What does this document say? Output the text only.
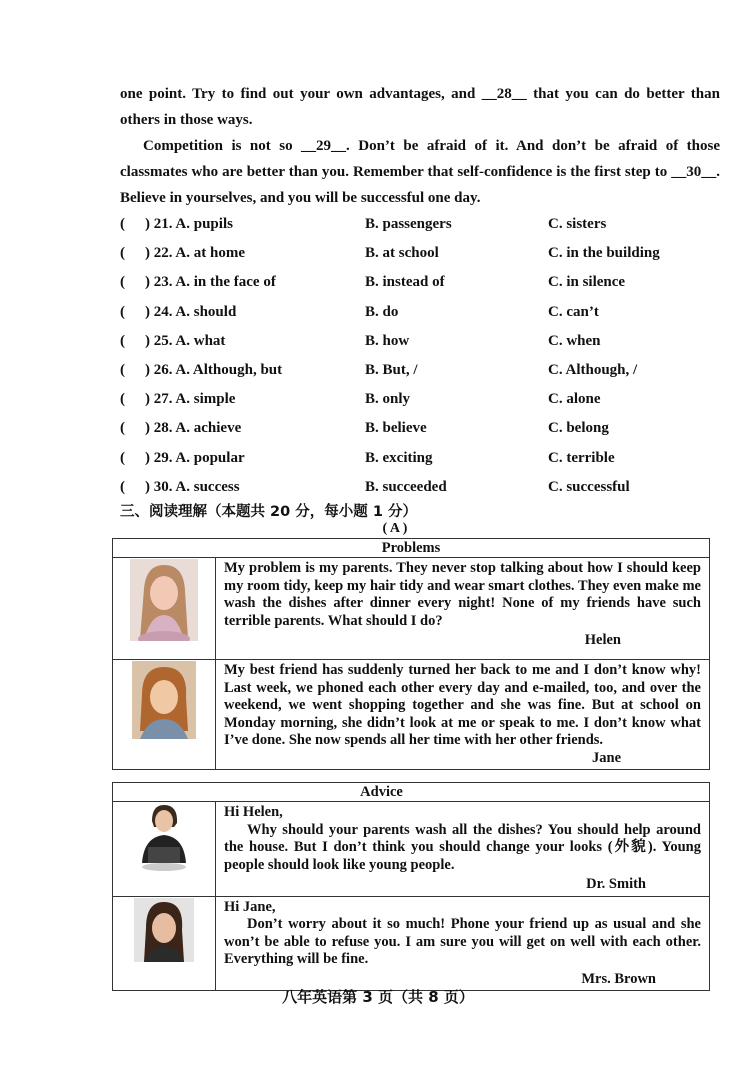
one point. Try to find out your own advantages, and __28__ that you can do better than others in those ways.
Competition is not so __29__. Don’t be afraid of it. And don’t be afraid of those classmates who are better than you. Remember that self-confidence is the first step to __30__. Believe in yourselves, and you will be successful one day.
( ) 21. A. pupils	B. passengers	C. sisters
( ) 22. A. at home	B. at school	C. in the building
( ) 23. A. in the face of	B. instead of	C. in silence
( ) 24. A. should	B. do	C. can’t
( ) 25. A. what	B. how	C. when
( ) 26. A. Although, but	B. But, /	C. Although, /
( ) 27. A. simple	B. only	C. alone
( ) 28. A. achieve	B. believe	C. belong
( ) 29. A. popular	B. exciting	C. terrible
( ) 30. A. success	B. succeeded	C. successful
三、阅读理解（本题共 20 分，每小题 1 分）
( A )
Problems	

My problem is my parents. They never stop talking about how I should keep my room tidy, keep my hair tidy and wear smart clothes. They even make me wash the dishes after dinner every night! None of my friends have such terrible parents. What should I do?
Helen

My best friend has suddenly turned her back to me and I don’t know why! Last week, we phoned each other every day and e-mailed, too, and over the weekend, we went shopping together and she was fine. But at school on Monday morning, she didn’t look at me or speak to me. I don’t know what I’ve done. She now spends all her time with her other friends.
Jane
Advice	

Hi Helen,
Why should your parents wash all the dishes? You should help around the house. But I don’t think you should change your looks (外貌). Young people should look like young people.
Dr. Smith

Hi Jane,
Don’t worry about it so much! Phone your friend up as usual and she won’t be able to refuse you. I am sure you will get on well with each other. Everything will be fine.
Mrs. Brown
八年英语第 3 页（共 8 页）
